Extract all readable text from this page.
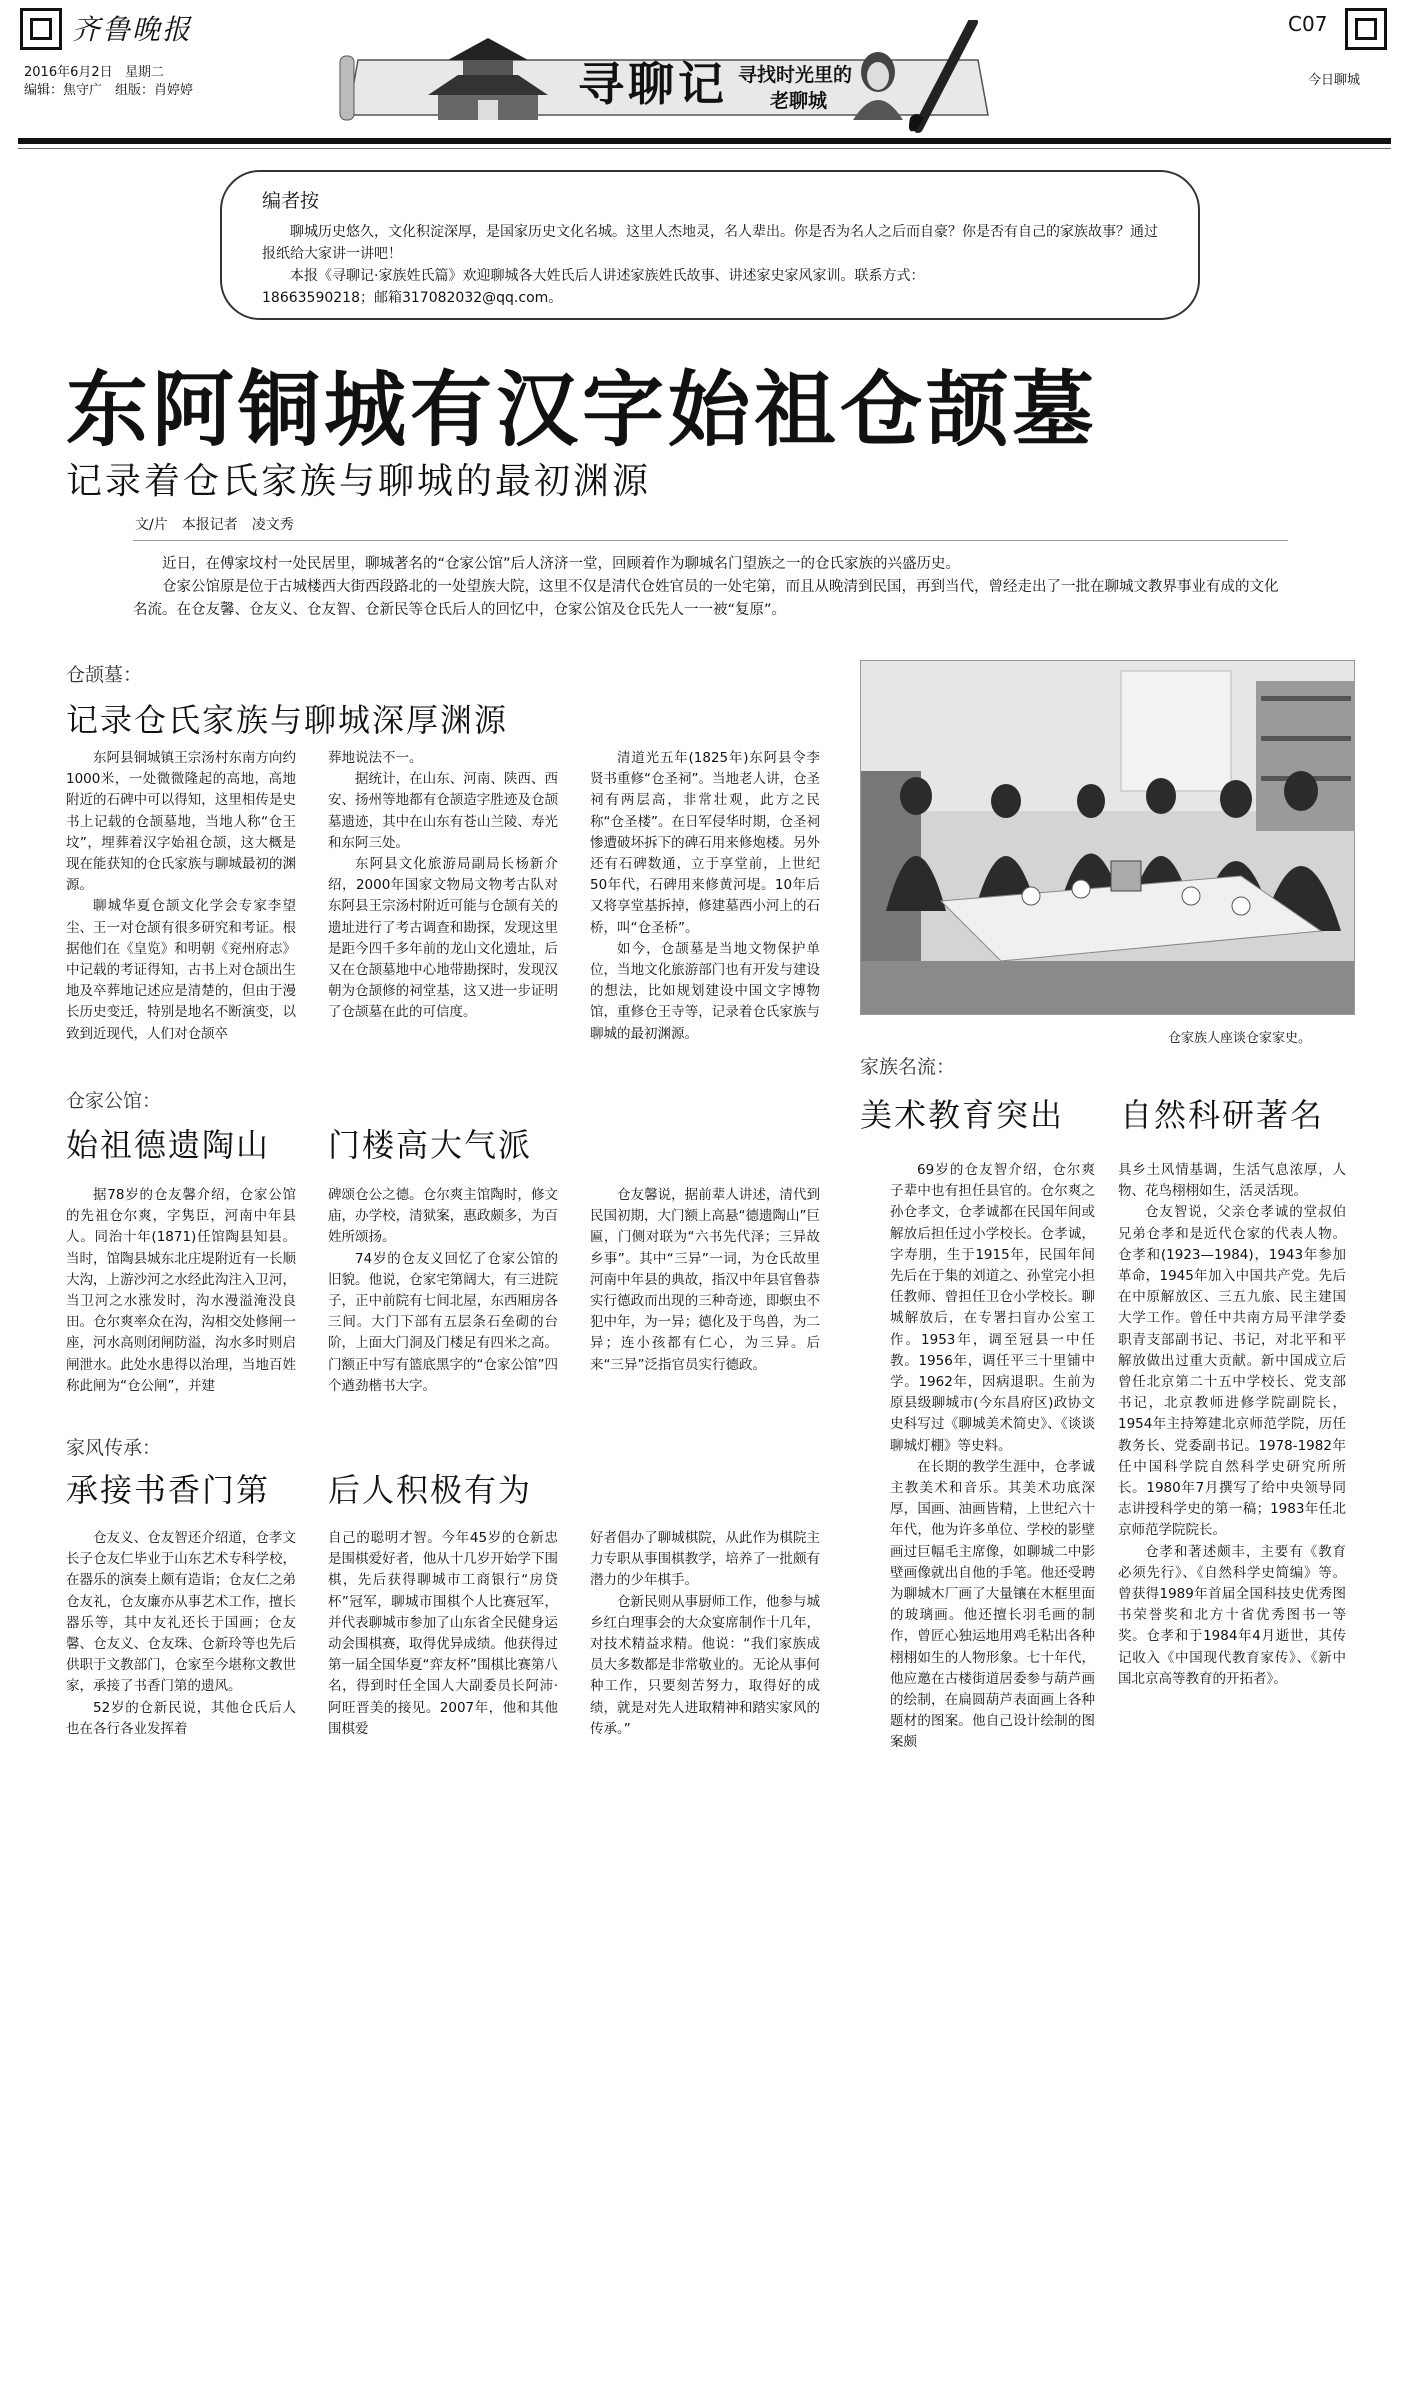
齐鲁晚报
2016年6月2日 星期二
编辑：焦守广　组版：肖婷婷	寻聊记 寻找时光里的
老聊城
C07
今日聊城
编者按

聊城历史悠久，文化积淀深厚，是国家历史文化名城。这里人杰地灵，名人辈出。你是否为名人之后而自豪？你是否有自己的家族故事？通过报纸给大家讲一讲吧！

本报《寻聊记·家族姓氏篇》欢迎聊城各大姓氏后人讲述家族姓氏故事、讲述家史家风家训。联系方式：

18663590218；邮箱317082032@qq.com。

东阿铜城有汉字始祖仓颉墓
记录着仓氏家族与聊城的最初渊源
文/片　本报记者　凌文秀

近日，在傅家坟村一处民居里，聊城著名的“仓家公馆”后人济济一堂，回顾着作为聊城名门望族之一的仓氏家族的兴盛历史。

仓家公馆原是位于古城楼西大街西段路北的一处望族大院，这里不仅是清代仓姓官员的一处宅第，而且从晚清到民国，再到当代，曾经走出了一批在聊城文教界事业有成的文化名流。在仓友馨、仓友义、仓友智、仓新民等仓氏后人的回忆中，仓家公馆及仓氏先人一一被“复原”。

仓颉墓：
记录仓氏家族与聊城深厚渊源

东阿县铜城镇王宗汤村东南方向约1000米，一处微微隆起的高地，高地附近的石碑中可以得知，这里相传是史书上记载的仓颉墓地，当地人称“仓王坟”，埋葬着汉字始祖仓颉，这大概是现在能获知的仓氏家族与聊城最初的渊源。

聊城华夏仓颉文化学会专家李望尘、王一对仓颉有很多研究和考证。根据他们在《皇览》和明朝《兖州府志》中记载的考证得知，古书上对仓颉出生地及卒葬地记述应是清楚的，但由于漫长历史变迁，特别是地名不断演变，以致到近现代，人们对仓颉卒

葬地说法不一。

据统计，在山东、河南、陕西、西安、扬州等地都有仓颉造字胜迹及仓颉墓遗迹，其中在山东有苍山兰陵、寿光和东阿三处。

东阿县文化旅游局副局长杨新介绍，2000年国家文物局文物考古队对东阿县王宗汤村附近可能与仓颉有关的遗址进行了考古调查和勘探，发现这里是距今四千多年前的龙山文化遗址，后又在仓颉墓地中心地带勘探时，发现汉朝为仓颉修的祠堂基，这又进一步证明了仓颉墓在此的可信度。

清道光五年(1825年)东阿县令李贤书重修“仓圣祠”。当地老人讲，仓圣祠有两层高，非常壮观，此方之民称“仓圣楼”。在日军侵华时期，仓圣祠惨遭破坏拆下的碑石用来修炮楼。另外还有石碑数通，立于享堂前，上世纪50年代，石碑用来修黄河堤。10年后又将享堂基拆掉，修建墓西小河上的石桥，叫“仓圣桥”。

如今，仓颉墓是当地文物保护单位，当地文化旅游部门也有开发与建设的想法，比如规划建设中国文字博物馆，重修仓王寺等，记录着仓氏家族与聊城的最初渊源。	仓家族人座谈仓家家史。
仓家公馆：
始祖德遗陶山 门楼高大气派

据78岁的仓友馨介绍，仓家公馆的先祖仓尔爽，字隽臣，河南中年县人。同治十年(1871)任馆陶县知县。当时，馆陶县城东北庄堤附近有一长顺大沟，上游沙河之水经此沟注入卫河，当卫河之水涨发时，沟水漫溢淹没良田。仓尔爽率众在沟，沟相交处修闸一座，河水高则闭闸防溢，沟水多时则启闸泄水。此处水患得以治理，当地百姓称此闸为“仓公闸”，并建

碑颂仓公之德。仓尔爽主馆陶时，修文庙，办学校，清狱案，惠政颇多，为百姓所颂扬。

74岁的仓友义回忆了仓家公馆的旧貌。他说，仓家宅第阔大，有三进院子，正中前院有七间北屋，东西厢房各三间。大门下部有五层条石垒砌的台阶，上面大门洞及门楼足有四米之高。门额正中写有篮底黑字的“仓家公馆”四个遒劲楷书大字。

仓友馨说，据前辈人讲述，清代到民国初期，大门额上高悬“德遗陶山”巨匾，门侧对联为“六书先代泽；三异故乡事”。其中“三异”一词，为仓氏故里河南中年县的典故，指汉中年县官鲁恭实行德政而出现的三种奇迹，即螟虫不犯中年，为一异；德化及于鸟兽，为二异；连小孩都有仁心，为三异。后来“三异”泛指官员实行德政。

家风传承：
承接书香门第 后人积极有为

仓友义、仓友智还介绍道，仓孝文长子仓友仁毕业于山东艺术专科学校，在器乐的演奏上颇有造诣；仓友仁之弟仓友礼，仓友廉亦从事艺术工作，擅长器乐等，其中友礼还长于国画；仓友馨、仓友义、仓友珠、仓新玲等也先后供职于文教部门，仓家至今堪称文教世家，承接了书香门第的遗风。

52岁的仓新民说，其他仓氏后人也在各行各业发挥着

自己的聪明才智。今年45岁的仓新忠是围棋爱好者，他从十几岁开始学下围棋，先后获得聊城市工商银行“房贷杯”冠军，聊城市围棋个人比赛冠军，并代表聊城市参加了山东省全民健身运动会围棋赛，取得优异成绩。他获得过第一届全国华夏“弈友杯”围棋比赛第八名，得到时任全国人大副委员长阿沛·阿旺晋美的接见。2007年，他和其他围棋爱

好者倡办了聊城棋院，从此作为棋院主力专职从事围棋教学，培养了一批颇有潜力的少年棋手。

仓新民则从事厨师工作，他参与城乡红白理事会的大众宴席制作十几年，对技术精益求精。他说：“我们家族成员大多数都是非常敬业的。无论从事何种工作，只要刻苦努力，取得好的成绩，就是对先人进取精神和踏实家风的传承。”

家族名流：
美术教育突出 自然科研著名

69岁的仓友智介绍，仓尔爽子辈中也有担任县官的。仓尔爽之孙仓孝文，仓孝诚都在民国年间或解放后担任过小学校长。仓孝诚，字寿朋，生于1915年，民国年间先后在于集的刘道之、孙堂完小担任教师、曾担任卫仓小学校长。聊城解放后，在专署扫盲办公室工作。1953年，调至冠县一中任教。1956年，调任平三十里铺中学。1962年，因病退职。生前为原县级聊城市(今东昌府区)政协文史科写过《聊城美术简史》、《谈谈聊城灯棚》等史料。

在长期的教学生涯中，仓孝诚主教美术和音乐。其美术功底深厚，国画、油画皆精，上世纪六十年代，他为许多单位、学校的影壁画过巨幅毛主席像，如聊城二中影壁画像就出自他的手笔。他还受聘为聊城木厂画了大量镶在木框里面的玻璃画。他还擅长羽毛画的制作，曾匠心独运地用鸡毛粘出各种栩栩如生的人物形象。七十年代，他应邀在古楼街道居委参与葫芦画的绘制，在扁圆葫芦表面画上各种题材的图案。他自己设计绘制的图案颇

具乡土风情基调，生活气息浓厚，人物、花鸟栩栩如生，活灵活现。

仓友智说，父亲仓孝诚的堂叔伯兄弟仓孝和是近代仓家的代表人物。仓孝和(1923—1984)，1943年参加革命，1945年加入中国共产党。先后在中原解放区、三五九旅、民主建国大学工作。曾任中共南方局平津学委职青支部副书记、书记，对北平和平解放做出过重大贡献。新中国成立后曾任北京第二十五中学校长、党支部书记，北京教师进修学院副院长，1954年主持筹建北京师范学院，历任教务长、党委副书记。1978-1982年任中国科学院自然科学史研究所所长。1980年7月撰写了给中央领导同志讲授科学史的第一稿；1983年任北京师范学院院长。

仓孝和著述颇丰，主要有《教育必须先行》、《自然科学史简编》等。曾获得1989年首届全国科技史优秀图书荣誉奖和北方十省优秀图书一等奖。仓孝和于1984年4月逝世，其传记收入《中国现代教育家传》、《新中国北京高等教育的开拓者》。
